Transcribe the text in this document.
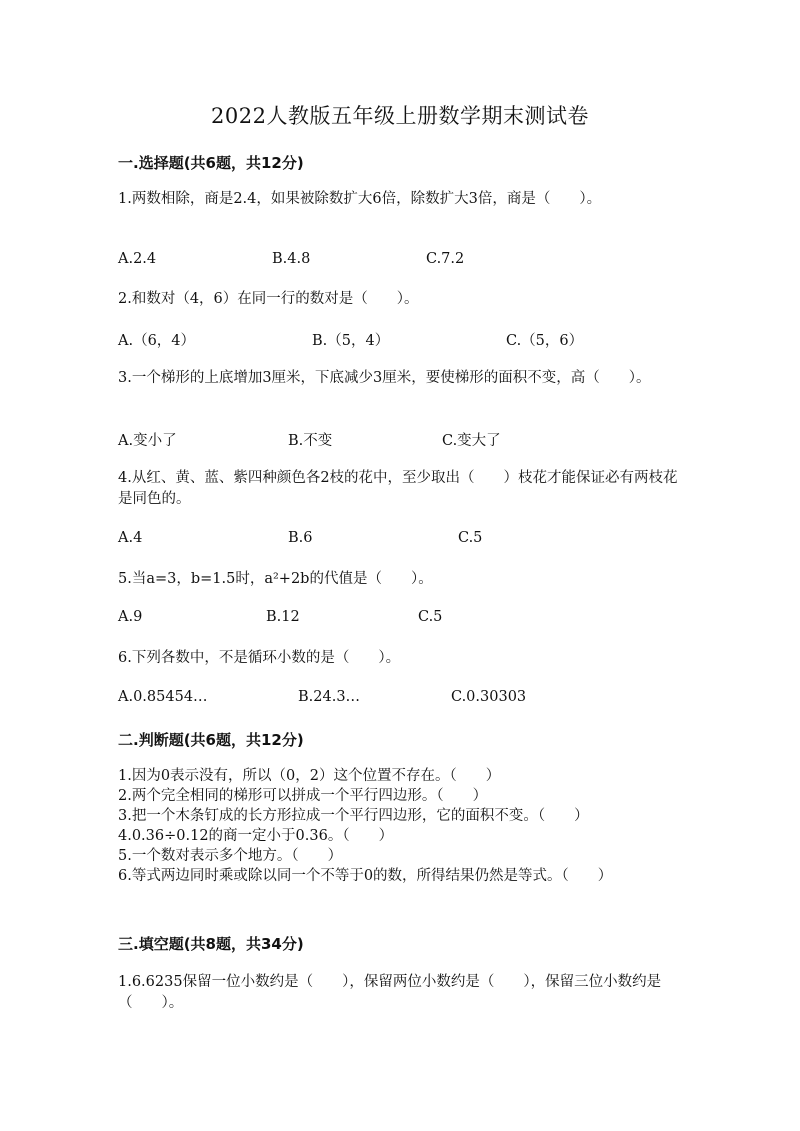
2022人教版五年级上册数学期末测试卷
一.选择题(共6题，共12分)
1.两数相除，商是2.4，如果被除数扩大6倍，除数扩大3倍，商是（　　）。
A.2.4	B.4.8	C.7.2
2.和数对（4，6）在同一行的数对是（　　）。
A.（6，4）	B.（5，4）	C.（5，6）
3.一个梯形的上底增加3厘米，下底减少3厘米，要使梯形的面积不变，高（　　）。
A.变小了	B.不变	C.变大了
4.从红、黄、蓝、紫四种颜色各2枝的花中，至少取出（　　）枝花才能保证必有两枝花是同色的。
A.4	B.6	C.5
5.当a=3，b=1.5时，a²+2b的代值是（　　）。
A.9	B.12	C.5
6.下列各数中，不是循环小数的是（　　）。
A.0.85454…	B.24.3…	C.0.30303
二.判断题(共6题，共12分)
1.因为0表示没有，所以（0，2）这个位置不存在。（　　）
2.两个完全相同的梯形可以拼成一个平行四边形。（　　）
3.把一个木条钉成的长方形拉成一个平行四边形，它的面积不变。（　　）
4.0.36÷0.12的商一定小于0.36。（　　）
5.一个数对表示多个地方。（　　）
6.等式两边同时乘或除以同一个不等于0的数，所得结果仍然是等式。（　　）
三.填空题(共8题，共34分)
1.6.6235保留一位小数约是（　　），保留两位小数约是（　　），保留三位小数约是（　　）。
